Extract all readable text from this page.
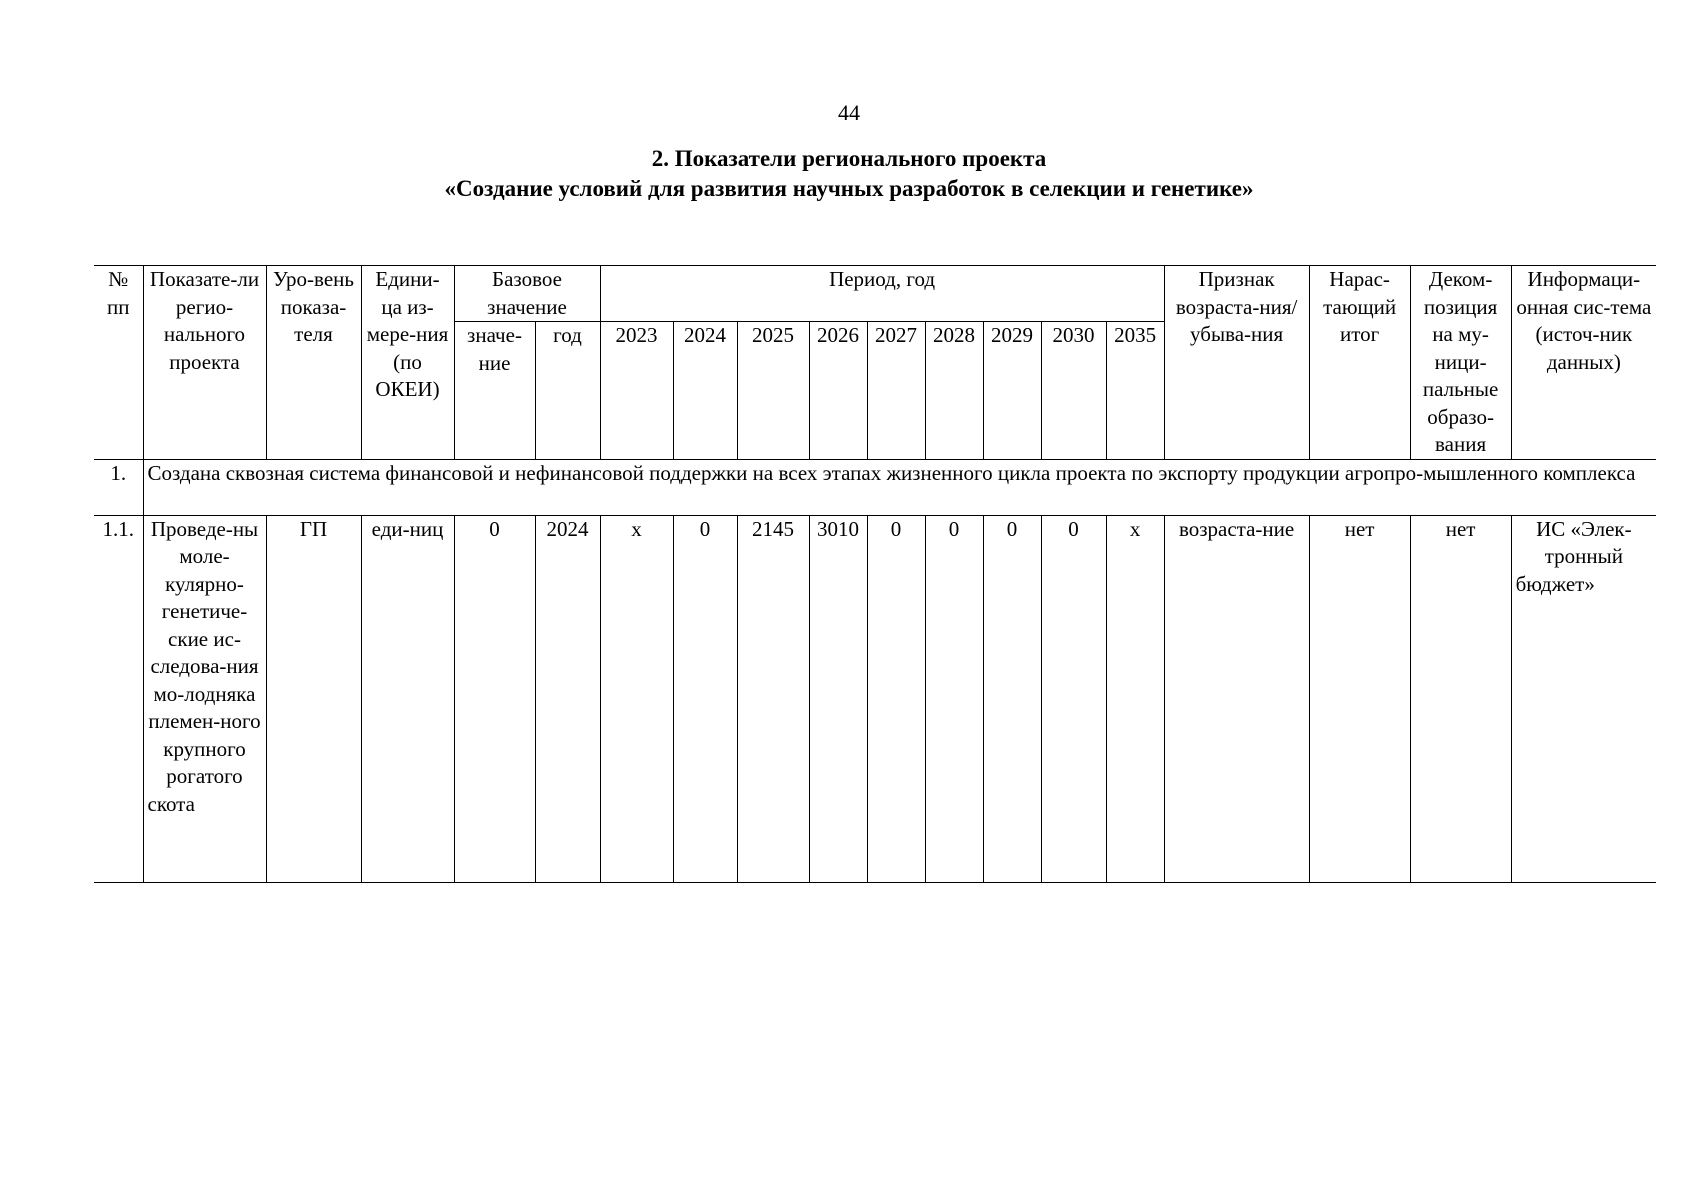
44
2. Показатели регионального проекта
«Создание условий для развития научных разработок в селекции и генетике»
№ пп	Показате-ли регио-нального проекта	Уро-вень показа-теля	Едини-ца из-мере-ния (по ОКЕИ)	Базовое значение		Период, год									Признак возраста-ния/убыва-ния	Нарас-тающий итог	Деком-позиция на му-ници-пальные образо-вания	Информаци-онная сис-тема (источ-ник данных)
				значе-ние	год	2023	2024	2025	2026	2027	2028	2029	2030	2035				
1.	Создана сквозная система финансовой и нефинансовой поддержки на всех этапах жизненного цикла проекта по экспорту продукции агропро-мышленного комплекса																	
1.1.	Проведе-ны моле-кулярно-генетиче-ские ис-следова-ния мо-лодняка племен-ного крупного рогатого скота	ГП	еди-ниц	0	2024	х	0	2145	3010	0	0	0	0	х	возраста-ние	нет	нет	ИС «Элек-тронный бюджет»
